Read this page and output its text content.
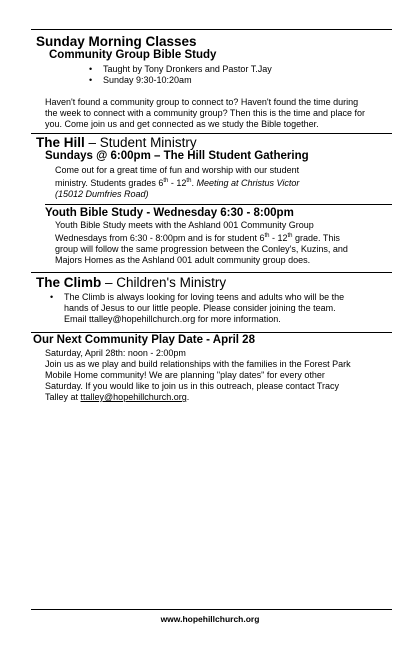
Sunday Morning Classes
Community Group Bible Study
• Taught by Tony Dronkers and Pastor T.Jay
• Sunday 9:30-10:20am
Haven't found a community group to connect to? Haven't found the time during
the week to connect with a community group? Then this is the time and place for
you. Come join us and get connected as we study the Bible together.
The Hill – Student Ministry
Sundays @ 6:00pm – The Hill Student Gathering
Come out for a great time of fun and worship with our student
ministry. Students grades 6th - 12th. Meeting at Christus Victor
(15012 Dumfries Road)
Youth Bible Study - Wednesday 6:30 - 8:00pm
Youth Bible Study meets with the Ashland 001 Community Group
Wednesdays from 6:30 - 8:00pm and is for student 6th - 12th grade. This
group will follow the same progression between the Conley's, Kuzins, and
Majors Homes as the Ashland 001 adult community group does.
The Climb – Children's Ministry
• The Climb is always looking for loving teens and adults who will be the
hands of Jesus to our little people. Please consider joining the team.
Email ttalley@hopehillchurch.org for more information.
Our Next Community Play Date - April 28
Saturday, April 28th: noon - 2:00pm
Join us as we play and build relationships with the families in the Forest Park
Mobile Home community! We are planning "play dates" for every other
Saturday. If you would like to join us in this outreach, please contact Tracy
Talley at ttalley@hopehillchurch.org.
www.hopehillchurch.org
